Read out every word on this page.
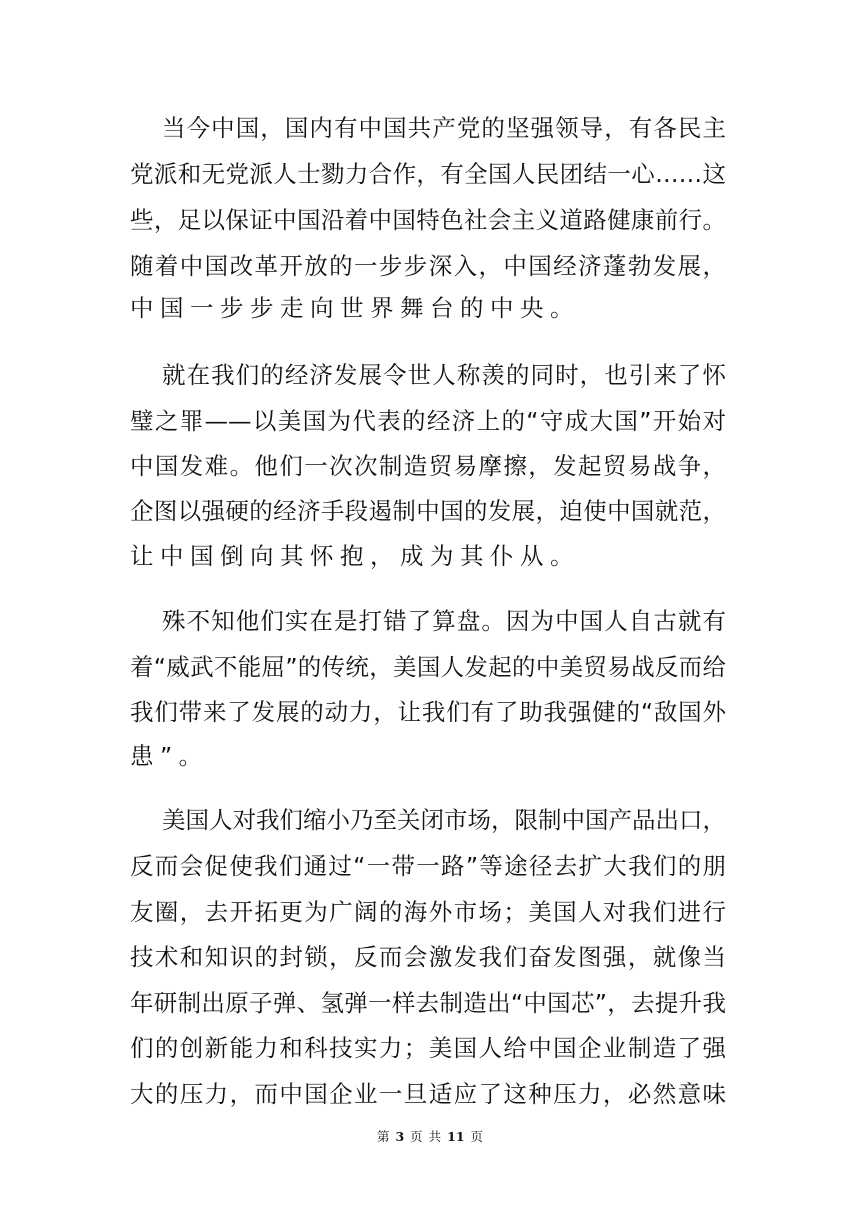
当今中国，国内有中国共产党的坚强领导，有各民主
党派和无党派人士勠力合作，有全国人民团结一心……这
些，足以保证中国沿着中国特色社会主义道路健康前行。
随着中国改革开放的一步步深入，中国经济蓬勃发展，
中国一步步走向世界舞台的中央。
就在我们的经济发展令世人称羡的同时，也引来了怀
璧之罪——以美国为代表的经济上的“守成大国”开始对
中国发难。他们一次次制造贸易摩擦，发起贸易战争，
企图以强硬的经济手段遏制中国的发展，迫使中国就范，
让中国倒向其怀抱，成为其仆从。
殊不知他们实在是打错了算盘。因为中国人自古就有
着“威武不能屈”的传统，美国人发起的中美贸易战反而给
我们带来了发展的动力，让我们有了助我强健的“敌国外
患”。
美国人对我们缩小乃至关闭市场，限制中国产品出口，
反而会促使我们通过“一带一路”等途径去扩大我们的朋
友圈，去开拓更为广阔的海外市场；美国人对我们进行
技术和知识的封锁，反而会激发我们奋发图强，就像当
年研制出原子弹、氢弹一样去制造出“中国芯”，去提升我
们的创新能力和科技实力；美国人给中国企业制造了强
大的压力，而中国企业一旦适应了这种压力，必然意味
第 3 页 共 11 页
